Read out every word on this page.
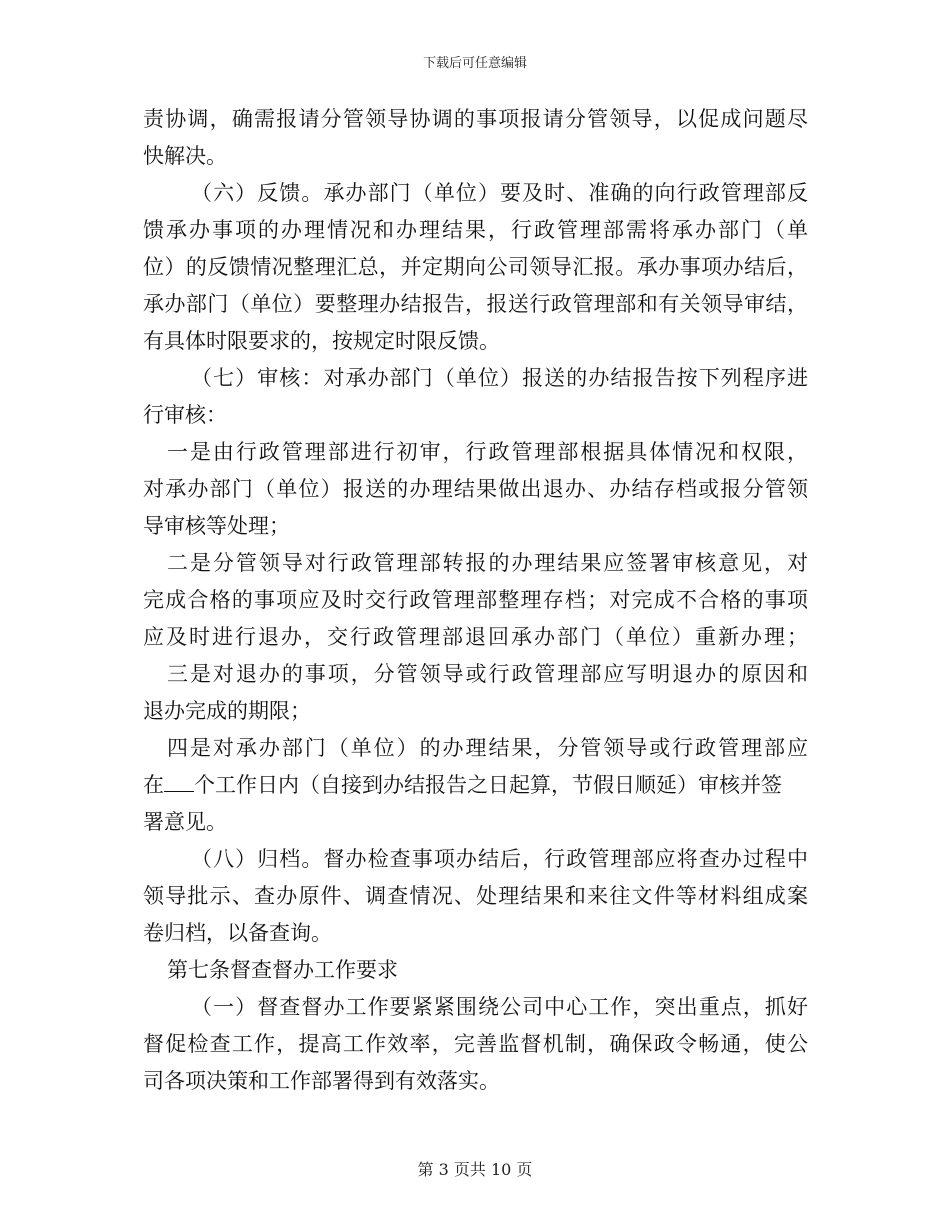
下载后可任意编辑
责协调，确需报请分管领导协调的事项报请分管领导，以促成问题尽
快解决。
（六）反馈。承办部门（单位）要及时、准确的向行政管理部反
馈承办事项的办理情况和办理结果，行政管理部需将承办部门（单
位）的反馈情况整理汇总，并定期向公司领导汇报。承办事项办结后，
承办部门（单位）要整理办结报告，报送行政管理部和有关领导审结，
有具体时限要求的，按规定时限反馈。
（七）审核：对承办部门（单位）报送的办结报告按下列程序进
行审核：
一是由行政管理部进行初审，行政管理部根据具体情况和权限，
对承办部门（单位）报送的办理结果做出退办、办结存档或报分管领
导审核等处理；
二是分管领导对行政管理部转报的办理结果应签署审核意见，对
完成合格的事项应及时交行政管理部整理存档；对完成不合格的事项
应及时进行退办，交行政管理部退回承办部门（单位）重新办理；
三是对退办的事项，分管领导或行政管理部应写明退办的原因和
退办完成的期限；
四是对承办部门（单位）的办理结果，分管领导或行政管理部应
在 个工作日内（自接到办结报告之日起算，节假日顺延）审核并签
署意见。
（八）归档。督办检查事项办结后，行政管理部应将查办过程中
领导批示、查办原件、调查情况、处理结果和来往文件等材料组成案
卷归档，以备查询。
第七条督查督办工作要求
（一）督查督办工作要紧紧围绕公司中心工作，突出重点，抓好
督促检查工作，提高工作效率，完善监督机制，确保政令畅通，使公
司各项决策和工作部署得到有效落实。
第 3 页共 10 页
